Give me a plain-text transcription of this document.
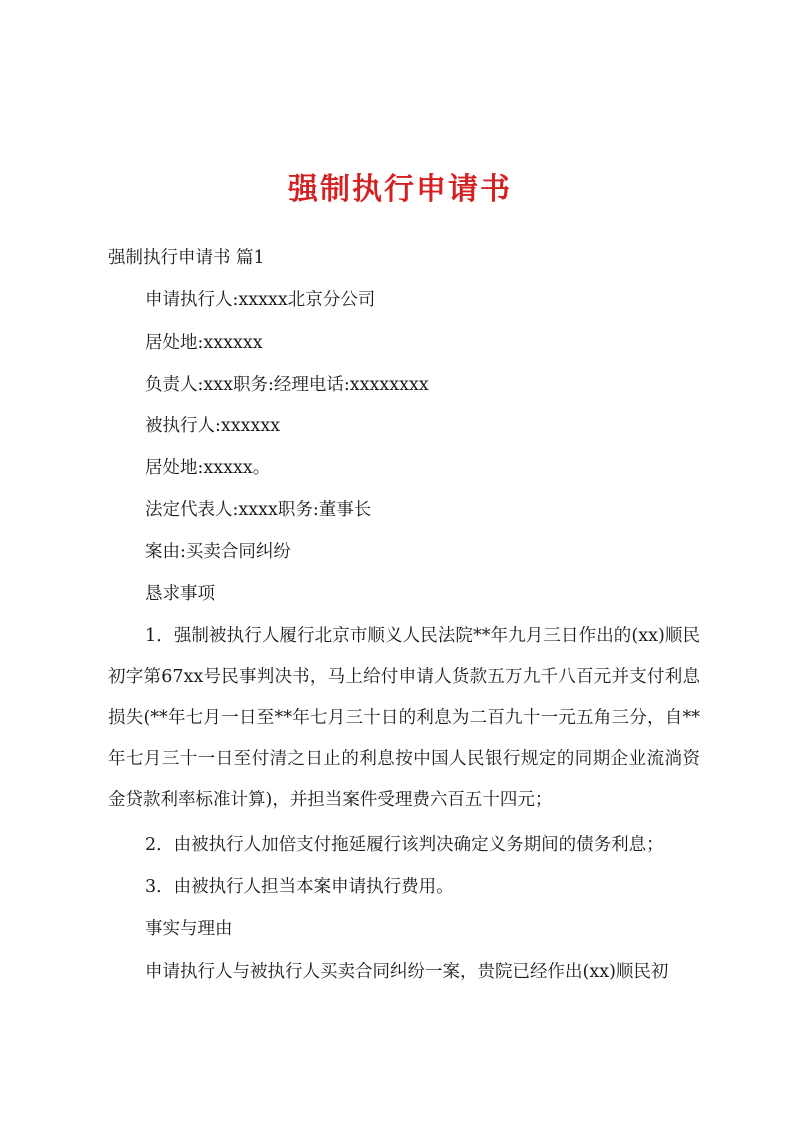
强制执行申请书
强制执行申请书 篇1
申请执行人:xxxxx北京分公司
居处地:xxxxxx
负责人:xxx职务:经理电话:xxxxxxxx
被执行人:xxxxxx
居处地:xxxxx。
法定代表人:xxxx职务:董事长
案由:买卖合同纠纷
恳求事项
1．强制被执行人履行北京市顺义人民法院**年九月三日作出的(xx)顺民初字第67xx号民事判决书，马上给付申请人货款五万九千八百元并支付利息损失(**年七月一日至**年七月三十日的利息为二百九十一元五角三分，自**年七月三十一日至付清之日止的利息按中国人民银行规定的同期企业流淌资金贷款利率标准计算)，并担当案件受理费六百五十四元；
2．由被执行人加倍支付拖延履行该判决确定义务期间的债务利息；
3．由被执行人担当本案申请执行费用。
事实与理由
申请执行人与被执行人买卖合同纠纷一案，贵院已经作出(xx)顺民初
